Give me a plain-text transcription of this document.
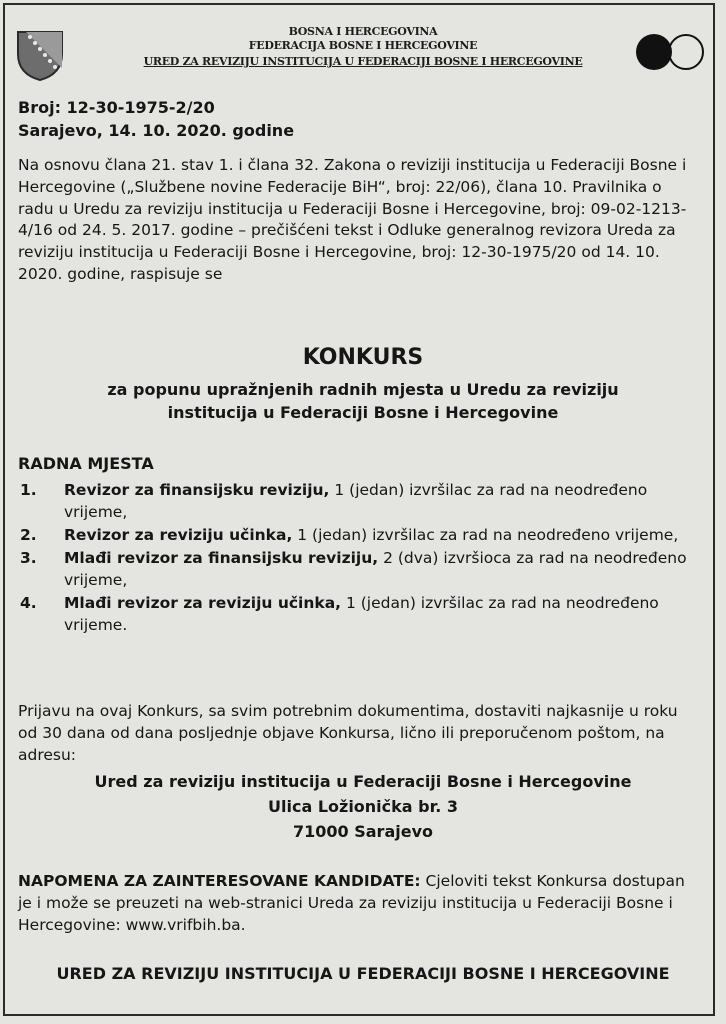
BOSNA I HERCEGOVINA
FEDERACIJA BOSNE I HERCEGOVINE
URED ZA REVIZIJU INSTITUCIJA U FEDERACIJI BOSNE I HERCEGOVINE
Broj: 12-30-1975-2/20
Sarajevo, 14. 10. 2020. godine
Na osnovu člana 21. stav 1. i člana 32. Zakona o reviziji institucija u Federaciji Bosne i Hercegovine („Službene novine Federacije BiH“, broj: 22/06), člana 10. Pravilnika o radu u Uredu za reviziju institucija u Federaciji Bosne i Hercegovine, broj: 09-02-1213-4/16 od 24. 5. 2017. godine – prečišćeni tekst i Odluke generalnog revizora Ureda za reviziju institucija u Federaciji Bosne i Hercegovine, broj: 12-30-1975/20 od 14. 10. 2020. godine, raspisuje se
KONKURS
za popunu upražnjenih radnih mjesta u Uredu za reviziju institucija u Federaciji Bosne i Hercegovine
RADNA MJESTA
1. Revizor za finansijsku reviziju, 1 (jedan) izvršilac za rad na neodređeno vrijeme,
2. Revizor za reviziju učinka, 1 (jedan) izvršilac za rad na neodređeno vrijeme,
3. Mlađi revizor za finansijsku reviziju, 2 (dva) izvršioca za rad na neodređeno vrijeme,
4. Mlađi revizor za reviziju učinka, 1 (jedan) izvršilac za rad na neodređeno vrijeme.
Prijavu na ovaj Konkurs, sa svim potrebnim dokumentima, dostaviti najkasnije u roku od 30 dana od dana posljednje objave Konkursa, lično ili preporučenom poštom, na adresu:
Ured za reviziju institucija u Federaciji Bosne i Hercegovine
Ulica Ložionička br. 3
71000 Sarajevo
NAPOMENA ZA ZAINTERESOVANE KANDIDATE: Cjeloviti tekst Konkursa dostupan je i može se preuzeti na web-stranici Ureda za reviziju institucija u Federaciji Bosne i Hercegovine: www.vrifbih.ba.
URED ZA REVIZIJU INSTITUCIJA U FEDERACIJI BOSNE I HERCEGOVINE
